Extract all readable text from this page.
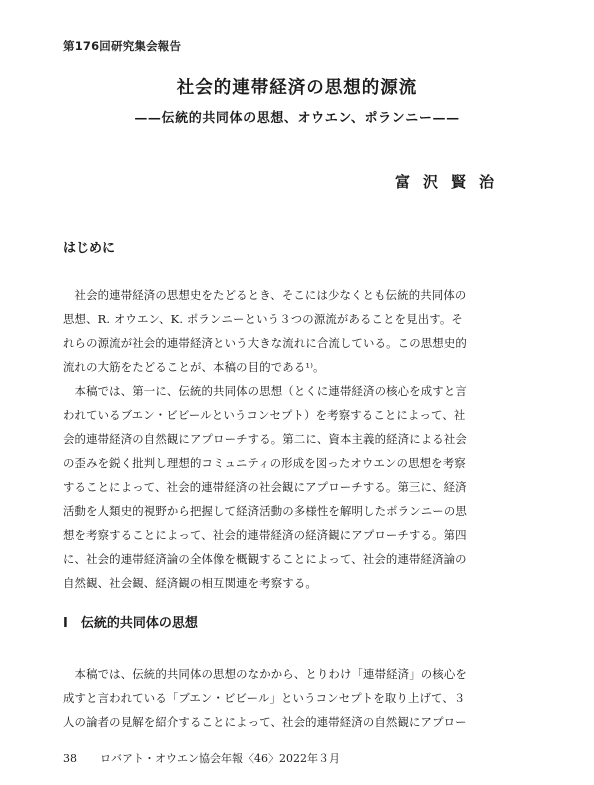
第176回研究集会報告
社会的連帯経済の思想的源流
——伝統的共同体の思想、オウエン、ポランニー——
富沢賢治
はじめに

　社会的連帯経済の思想史をたどるとき、そこには少なくとも伝統的共同体の
思想、R. オウエン、K. ポランニーという３つの源流があることを見出す。そ
れらの源流が社会的連帯経済という大きな流れに合流している。この思想史的
流れの大筋をたどることが、本稿の目的である¹⁾。

　本稿では、第一に、伝統的共同体の思想（とくに連帯経済の核心を成すと言
われているブエン・ビビールというコンセプト）を考察することによって、社
会的連帯経済の自然観にアプローチする。第二に、資本主義的経済による社会
の歪みを鋭く批判し理想的コミュニティの形成を図ったオウエンの思想を考察
することによって、社会的連帯経済の社会観にアプローチする。第三に、経済
活動を人類史的視野から把握して経済活動の多様性を解明したポランニーの思
想を考察することによって、社会的連帯経済の経済観にアプローチする。第四
に、社会的連帯経済論の全体像を概観することによって、社会的連帯経済論の
自然観、社会観、経済観の相互関連を考察する。

Ⅰ　伝統的共同体の思想

　本稿では、伝統的共同体の思想のなかから、とりわけ「連帯経済」の核心を
成すと言われている「ブエン・ビビール」というコンセプトを取り上げて、３
人の論者の見解を紹介することによって、社会的連帯経済の自然観にアプロー

38 ロバアト・オウエン協会年報〈46〉2022年３月
